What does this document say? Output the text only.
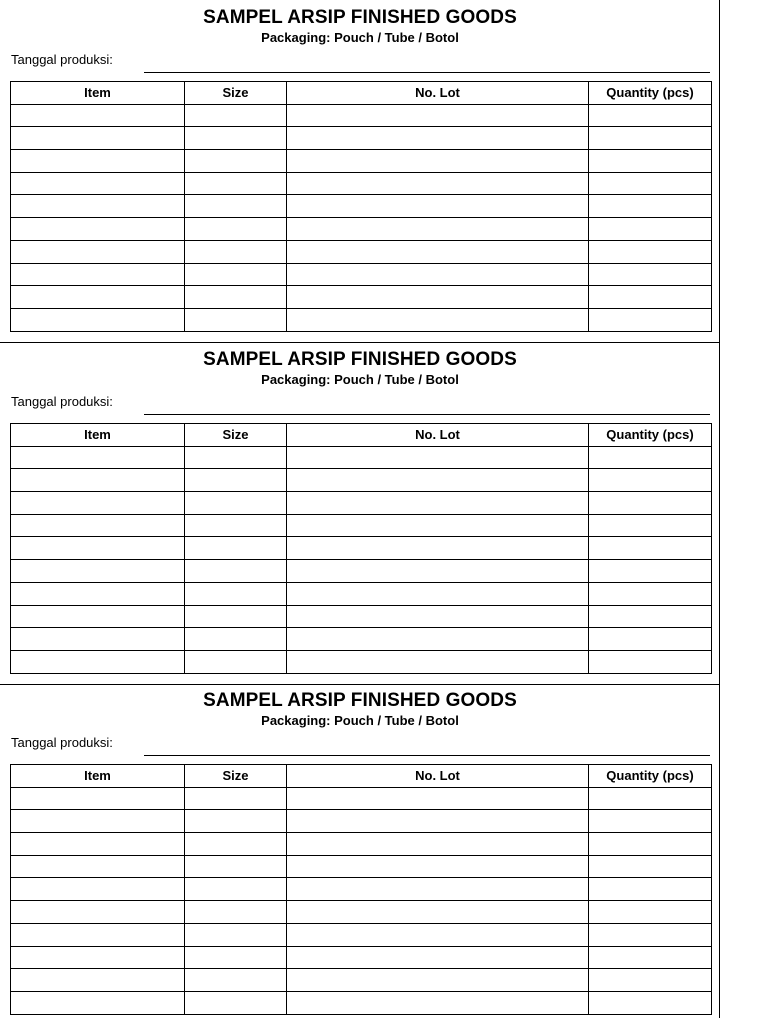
SAMPEL ARSIP FINISHED GOODS
Packaging: Pouch / Tube / Botol
Tanggal produksi:
Item	Size	No. Lot	Quantity (pcs)

SAMPEL ARSIP FINISHED GOODS
Packaging: Pouch / Tube / Botol
Tanggal produksi:
Item	Size	No. Lot	Quantity (pcs)

SAMPEL ARSIP FINISHED GOODS
Packaging: Pouch / Tube / Botol
Tanggal produksi:
Item	Size	No. Lot	Quantity (pcs)
